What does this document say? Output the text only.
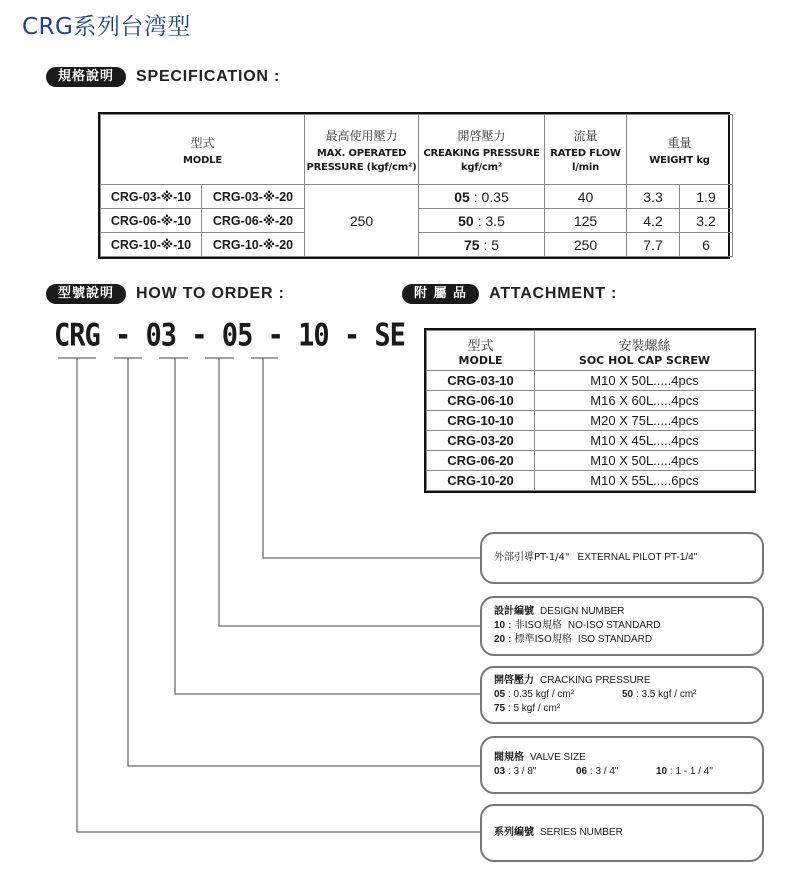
CRG系列台湾型
規格說明	SPECIFICATION :
型式
MODLE		最高使用壓力
MAX. OPERATED PRESSURE (kgf/cm²)	開啓壓力
CREAKING PRESSURE kgf/cm²	流量
RATED FLOW l/min	重量
WEIGHT kg	

CRG-03-※-10	CRG-03-※-20	250	05 : 0.35	40	3.3	1.9
CRG-06-※-10	CRG-06-※-20		50 : 3.5	125	4.2	3.2
CRG-10-※-10	CRG-10-※-20		75 : 5	250	7.7	6
型號說明	HOW TO ORDER :	附 屬 品	ATTACHMENT :
CRG - 03 - 05 - 10 - SE	型式
MODLE	安裝螺絲
SOC HOL CAP SCREW

CRG-03-10	M10 X 50L.....4pcs
CRG-06-10	M16 X 60L.....4pcs
CRG-10-10	M20 X 75L.....4pcs
CRG-03-20	M10 X 45L.....4pcs
CRG-06-20	M10 X 50L.....4pcs
CRG-10-20	M10 X 55L.....6pcs
外部引導PT-1/4" EXTERNAL PILOT PT-1/4"
設計編號 DESIGN NUMBER
10 : 非ISO規格 NO-ISO STANDARD
20 : 標準ISO規格 ISO STANDARD
開啓壓力 CRACKING PRESSURE
05 : 0.35 kgf / cm²	50 : 3.5 kgf / cm²
75 : 5 kgf / cm²
閥規格 VALVE SIZE
03 : 3 / 8"	06 : 3 / 4"	10 : 1 - 1 / 4"
系列編號 SERIES NUMBER
